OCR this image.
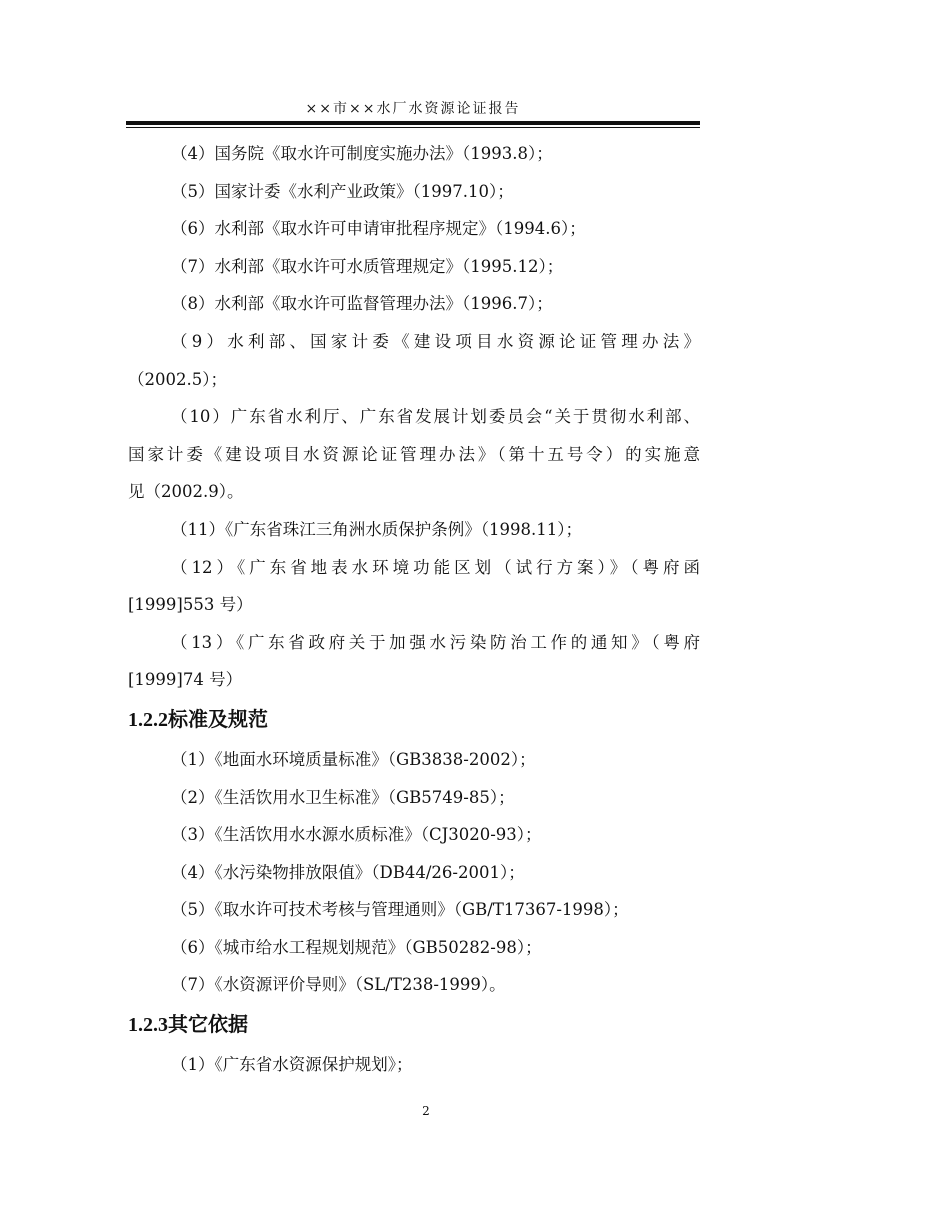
××市××水厂水资源论证报告
（4）国务院《取水许可制度实施办法》（1993.8）；
（5）国家计委《水利产业政策》（1997.10）；
（6）水利部《取水许可申请审批程序规定》（1994.6）；
（7）水利部《取水许可水质管理规定》（1995.12）；
（8）水利部《取水许可监督管理办法》（1996.7）；
（9）水利部、国家计委《建设项目水资源论证管理办法》
（2002.5）；
（10）广东省水利厅、广东省发展计划委员会“关于贯彻水利部、
国家计委《建设项目水资源论证管理办法》（第十五号令）的实施意
见（2002.9）。
（11）《广东省珠江三角洲水质保护条例》（1998.11）；
（12）《广东省地表水环境功能区划（试行方案）》（粤府函
[1999]553 号）
（13）《广东省政府关于加强水污染防治工作的通知》（粤府
[1999]74 号）
1.2.2标准及规范
（1）《地面水环境质量标准》（GB3838-2002）；
（2）《生活饮用水卫生标准》（GB5749-85）；
（3）《生活饮用水水源水质标准》（CJ3020-93）；
（4）《水污染物排放限值》（DB44/26-2001）；
（5）《取水许可技术考核与管理通则》（GB/T17367-1998）；
（6）《城市给水工程规划规范》（GB50282-98）；
（7）《水资源评价导则》（SL/T238-1999）。
1.2.3其它依据
（1）《广东省水资源保护规划》；
2
